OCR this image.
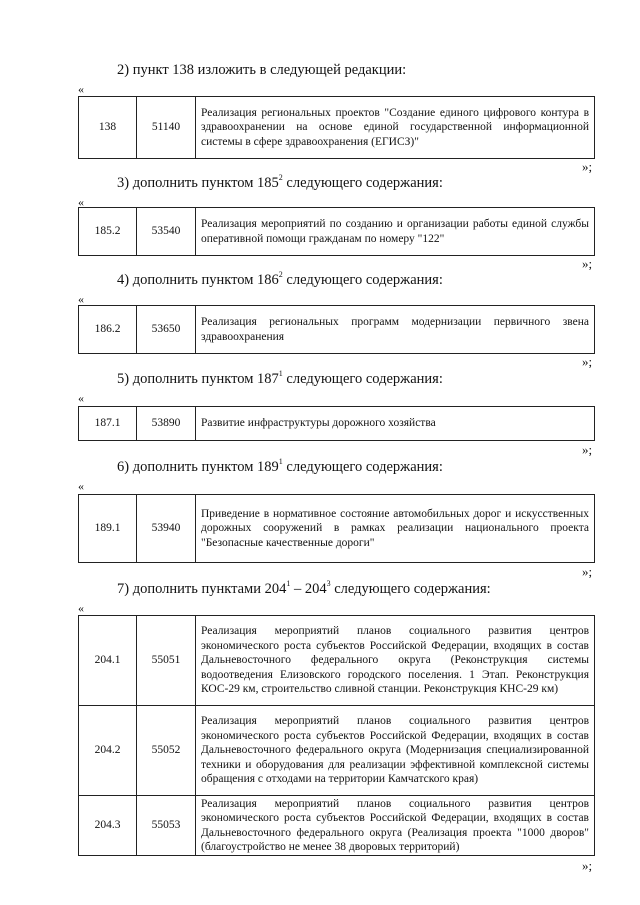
2) пункт 138 изложить в следующей редакции:
«
138	51140	Реализация региональных проектов "Создание единого цифрового контура в здравоохранении на основе единой государственной информационной системы в сфере здравоохранения (ЕГИСЗ)"
»;
3) дополнить пунктом $185^2$ следующего содержания:
«
185.2	53540	Реализация мероприятий по созданию и организации работы единой службы оперативной помощи гражданам по номеру "122"
»;
4) дополнить пунктом $186^2$ следующего содержания:
«
186.2	53650	Реализация региональных программ модернизации первичного звена здравоохранения
»;
5) дополнить пунктом $187^1$ следующего содержания:
«
187.1	53890	Развитие инфраструктуры дорожного хозяйства
»;
6) дополнить пунктом $189^1$ следующего содержания:
«
189.1	53940	Приведение в нормативное состояние автомобильных дорог и искусственных дорожных сооружений в рамках реализации национального проекта "Безопасные качественные дороги"
»;
7) дополнить пунктами $204^1 - 204^3$ следующего содержания:
«
204.1	55051	Реализация мероприятий планов социального развития центров экономического роста субъектов Российской Федерации, входящих в состав Дальневосточного федерального округа (Реконструкция системы водоотведения Елизовского городского поселения. 1 Этап. Реконструкция КОС-29 км, строительство сливной станции. Реконструкция КНС-29 км)
204.2	55052	Реализация мероприятий планов социального развития центров экономического роста субъектов Российской Федерации, входящих в состав Дальневосточного федерального округа (Модернизация специализированной техники и оборудования для реализации эффективной комплексной системы обращения с отходами на территории Камчатского края)
204.3	55053	Реализация мероприятий планов социального развития центров экономического роста субъектов Российской Федерации, входящих в состав Дальневосточного федерального округа (Реализация проекта "1000 дворов" (благоустройство не менее 38 дворовых территорий)
»;
